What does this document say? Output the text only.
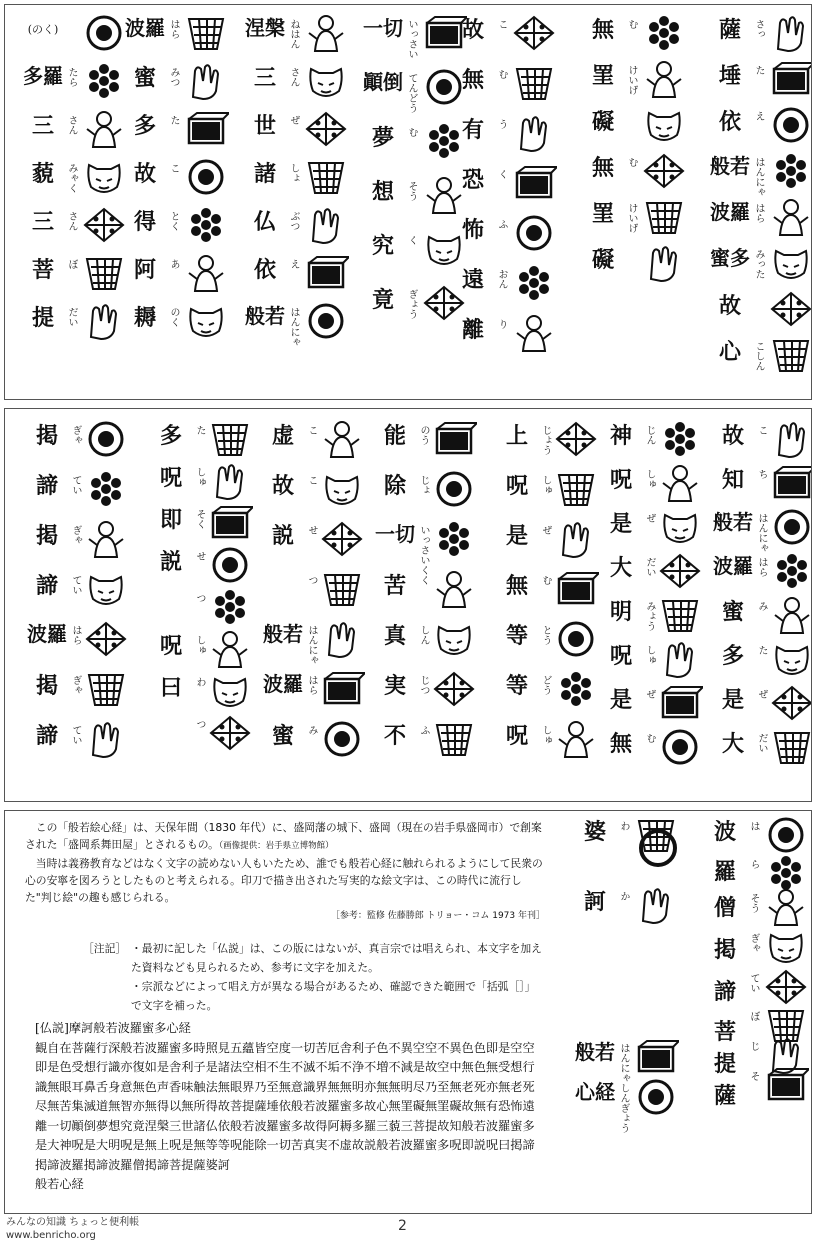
薩	さっ
埵	た
依	え
般若 はんにゃ
波羅 はら
蜜多 みった
故
心	こしん
無	む
罣	けいげ
礙
無	む
罣	けいげ
礙
故	こ
無	む
有	う
恐	く
怖	ふ
遠	おん
離	り
一切 いっさい
顚倒 てんどう
夢	む
想	そう
究	く
竟	ぎょう
涅槃 ねはん
三	さん
世	ぜ
諸	しょ
仏	ぶつ
依	え
般若 はんにゃ
波羅 はら
蜜	みつ
多	た
故	こ
得	とく
阿	あ
耨	のく
(のく)
多羅 たら
三	さん
藐	みゃく
三	さん
菩	ぼ
提	だい
故	こ
知	ち
般若 はんにゃ
波羅 はら
蜜	み
多	た
是	ぜ
大	だい
神	じん
呪	しゅ
是	ぜ
大	だい
明	みょう
呪	しゅ
是	ぜ
無	む
上	じょう
呪	しゅ
是	ぜ
無	む
等	とう
等	どう
呪	しゅ
能	のう
除	じょ
一切 いっさいく
苦	く
真	しん
実	じつ
不	ふ
虚	こ
故	こ
説	せ
つ
般若 はんにゃ
波羅 はら
蜜	み
多	た
呪	しゅ
即	そく
説	せ
つ
呪	しゅ
曰	わ
つ
掲	ぎゃ
諦	てい
掲	ぎゃ
諦	てい
波羅 はら
掲	ぎゃ
諦	てい

この「般若絵心経」は、天保年間（1830 年代）に、盛岡藩の城下、盛岡（現在の岩手県盛岡市）で創案された「盛岡系舞田屋」とされるもの。（画像提供：岩手県立博物館）

当時は義務教育などはなく文字の読めない人もいたため、誰でも般若心経に触れられるようにして民衆の心の安寧を図ろうとしたものと考えられる。印刀で描き出された写実的な絵文字は、この時代に流行した"判じ絵"の趣も感じられる。

［参考：監修 佐藤勝郎 トリョー・コム 1973 年刊］

［注記］ ・最初に記した「仏説」は、この版にはないが、真言宗では唱えられ、本文字を加えた資料なども見られるため、参考に文字を加えた。
・宗派などによって唱え方が異なる場合があるため、確認できた範囲で「括弧［］」で文字を補った。

[仏説]摩訶般若波羅蜜多心経

観自在菩薩行深般若波羅蜜多時照見五蘊皆空度一切苦厄舎利子色不異空空不異色色即是空空即是色受想行識亦復如是舎利子是諸法空相不生不滅不垢不浄不増不減是故空中無色無受想行識無眼耳鼻舌身意無色声香味触法無眼界乃至無意識界無無明亦無無明尽乃至無老死亦無老死尽無苦集滅道無智亦無得以無所得故菩提薩埵依般若波羅蜜多故心無罣礙無罣礙故無有恐怖遠離一切顚倒夢想究竟涅槃三世諸仏依般若波羅蜜多故得阿耨多羅三藐三菩提故知般若波羅蜜多是大神呪是大明呪是無上呪是無等等呪能除一切苦真実不虚故説般若波羅蜜多呪即説呪曰掲諦掲諦波羅掲諦波羅僧掲諦菩提薩婆訶

般若心経

波	は
羅	ら
僧	そう
掲	ぎゃ
諦	てい
菩
ぼ
提
じ
薩
そ
婆	わ
訶	か
般若 はんにゃ
心経 しんぎょう
みんなの知識 ちょっと便利帳
www.benricho.org
2
